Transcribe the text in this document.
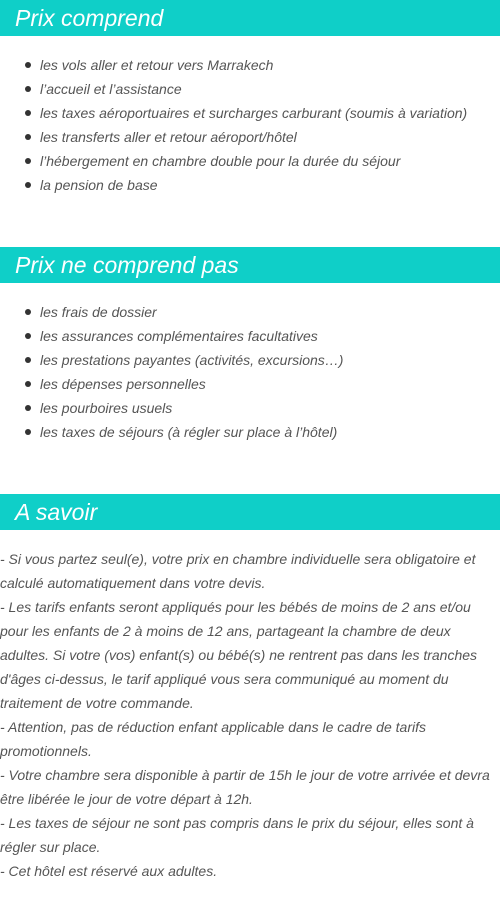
Prix comprend
les vols aller et retour vers Marrakech
l’accueil et l’assistance
les taxes aéroportuaires et surcharges carburant (soumis à variation)
les transferts aller et retour aéroport/hôtel
l’hébergement en chambre double pour la durée du séjour
la pension de base
Prix ne comprend pas
les frais de dossier
les assurances complémentaires facultatives
les prestations payantes (activités, excursions…)
les dépenses personnelles
les pourboires usuels
les taxes de séjours (à régler sur place à l’hôtel)
A savoir

- Si vous partez seul(e), votre prix en chambre individuelle sera obligatoire et calculé automatiquement dans votre devis.

- Les tarifs enfants seront appliqués pour les bébés de moins de 2 ans et/ou pour les enfants de 2 à moins de 12 ans, partageant la chambre de deux adultes. Si votre (vos) enfant(s) ou bébé(s) ne rentrent pas dans les tranches d'âges ci-dessus, le tarif appliqué vous sera communiqué au moment du traitement de votre commande.

- Attention, pas de réduction enfant applicable dans le cadre de tarifs promotionnels.

- Votre chambre sera disponible à partir de 15h le jour de votre arrivée et devra être libérée le jour de votre départ à 12h.

- Les taxes de séjour ne sont pas compris dans le prix du séjour, elles sont à régler sur place.

- Cet hôtel est réservé aux adultes.
